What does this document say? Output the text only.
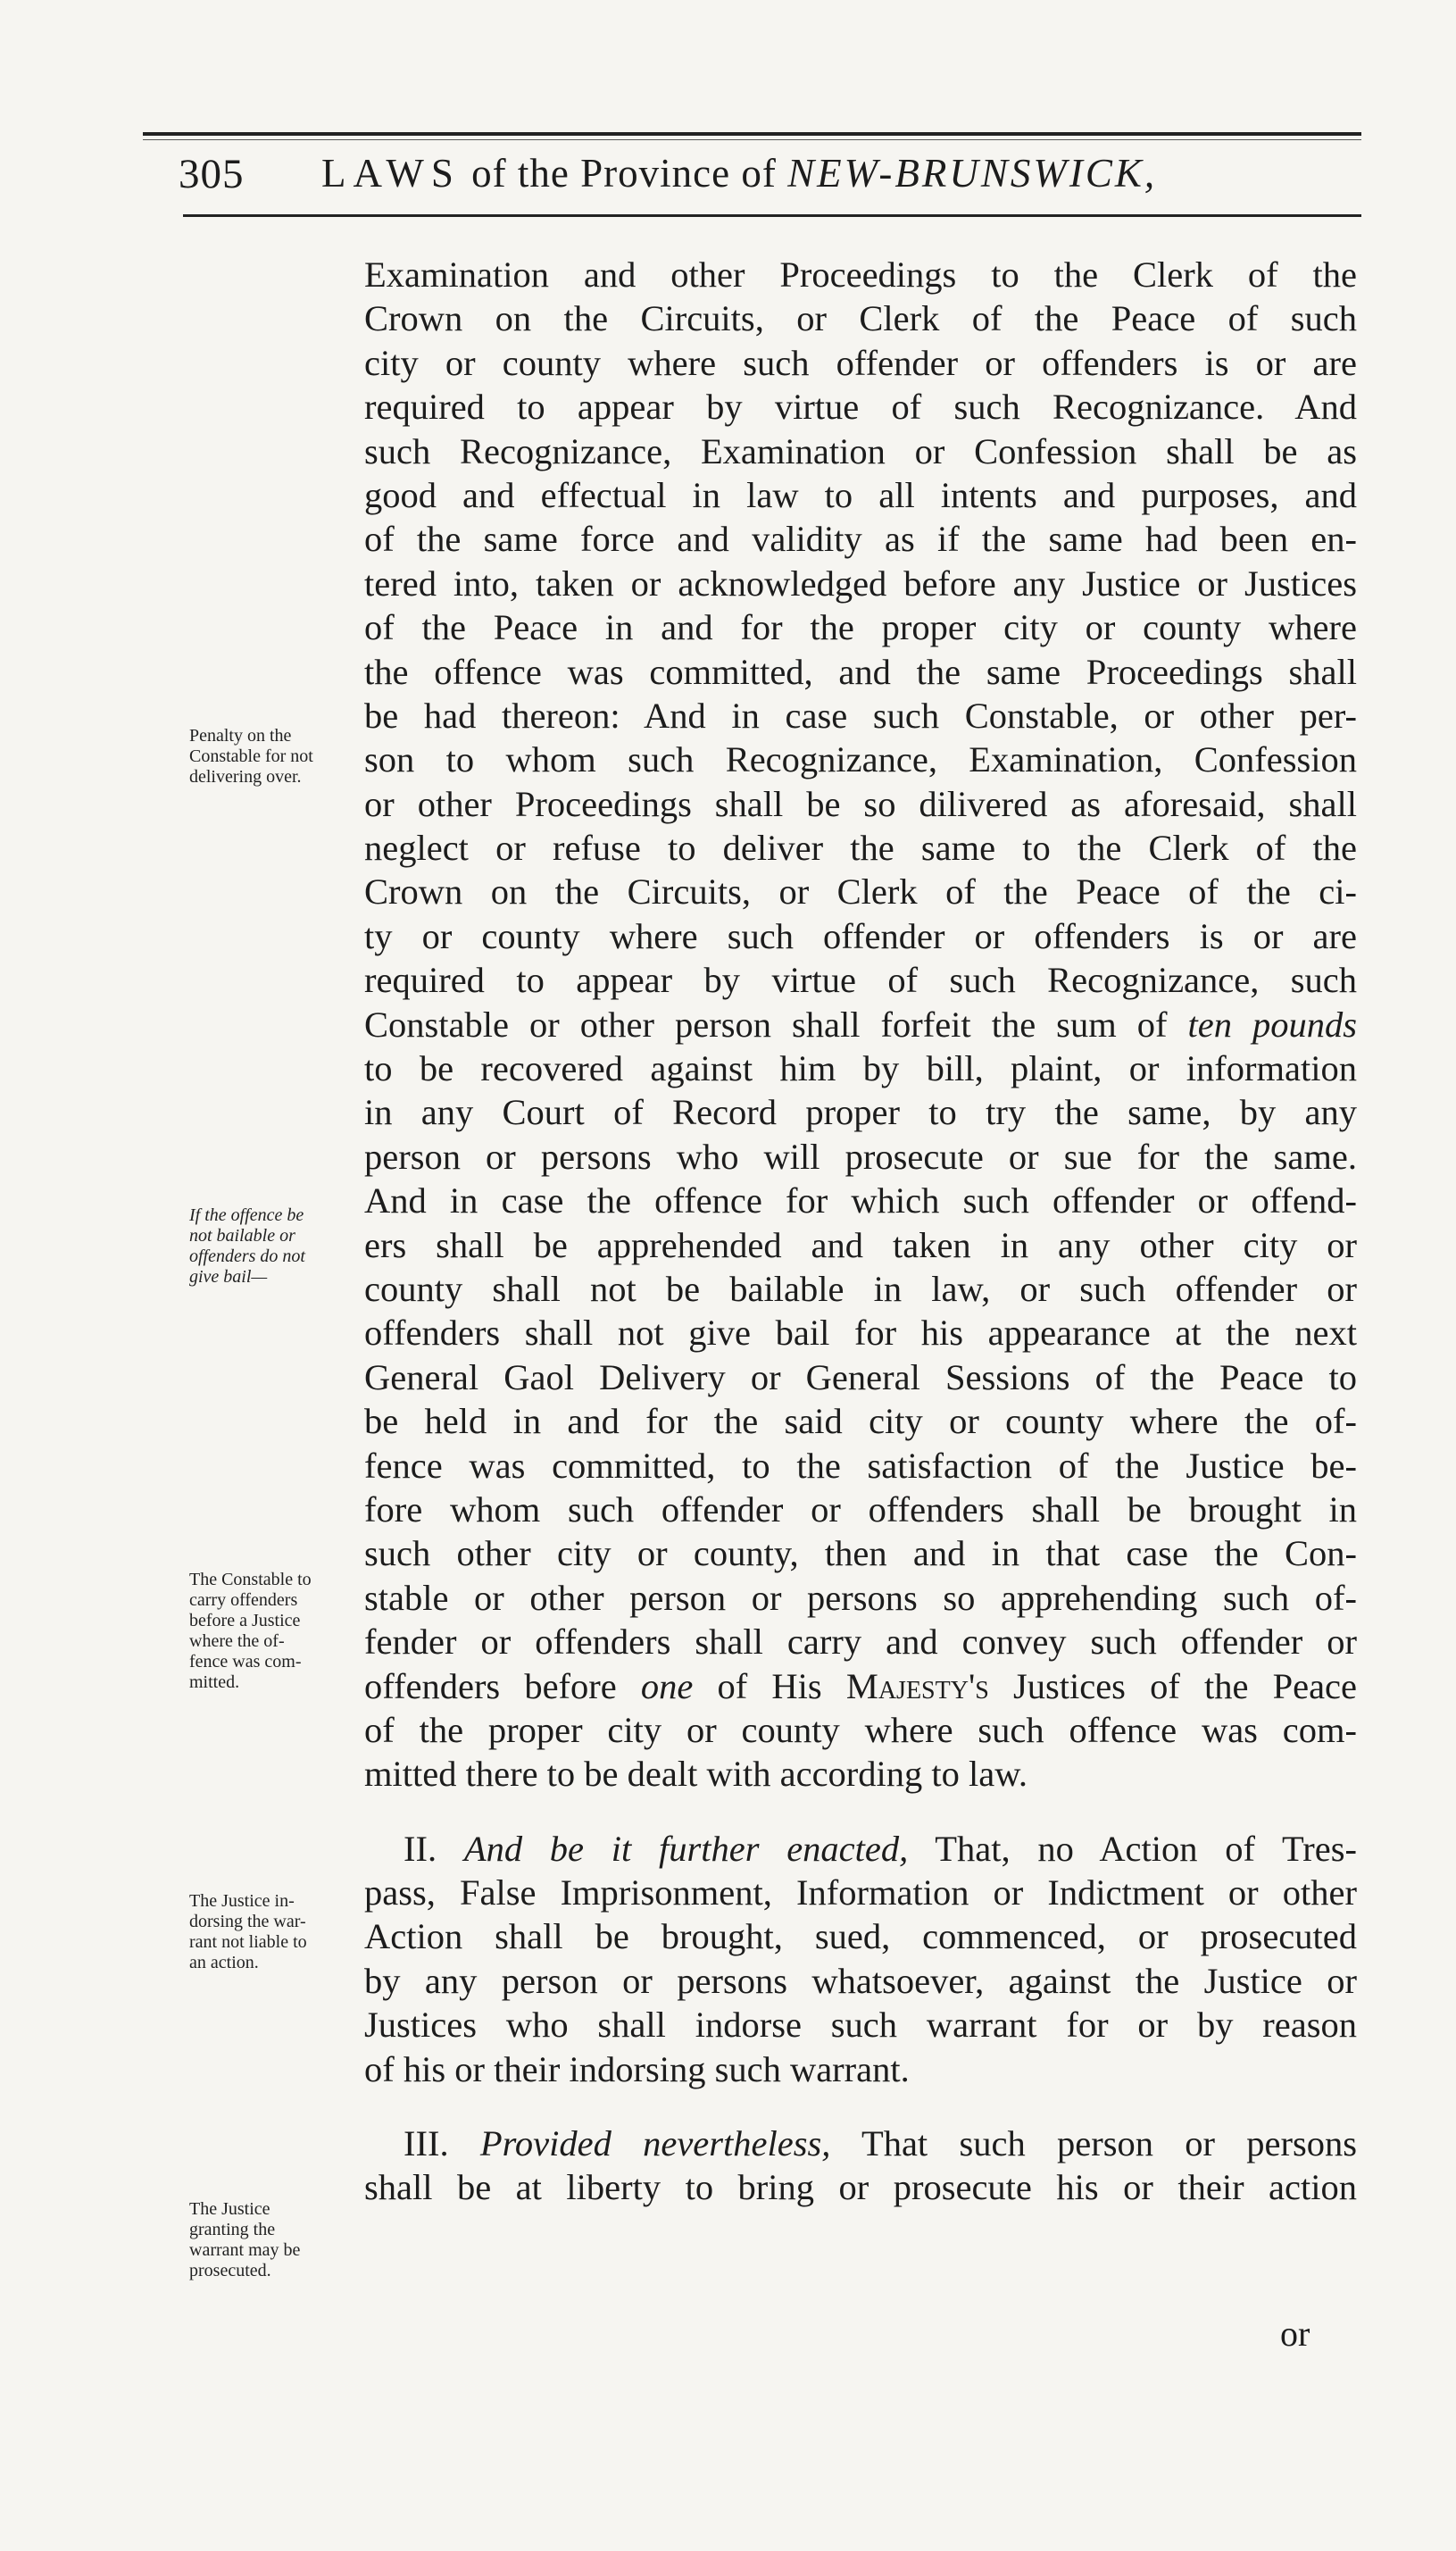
305 LAWS of the Province of NEW-BRUNSWICK,
Examination and other Proceedings to the Clerk of the
Crown on the Circuits, or Clerk of the Peace of such
city or county where such offender or offenders is or are
required to appear by virtue of such Recognizance. And
such Recognizance, Examination or Confession shall be as
good and effectual in law to all intents and purposes, and
of the same force and validity as if the same had been en-
tered into, taken or acknowledged before any Justice or Justices
of the Peace in and for the proper city or county where
the offence was committed, and the same Proceedings shall
be had thereon: And in case such Constable, or other per-
son to whom such Recognizance, Examination, Confession
or other Proceedings shall be so dilivered as aforesaid, shall
neglect or refuse to deliver the same to the Clerk of the
Crown on the Circuits, or Clerk of the Peace of the ci-
ty or county where such offender or offenders is or are
required to appear by virtue of such Recognizance, such
Constable or other person shall forfeit the sum of ten pounds
to be recovered against him by bill, plaint, or information
in any Court of Record proper to try the same, by any
person or persons who will prosecute or sue for the same.
And in case the offence for which such offender or offend-
ers shall be apprehended and taken in any other city or
county shall not be bailable in law, or such offender or
offenders shall not give bail for his appearance at the next
General Gaol Delivery or General Sessions of the Peace to
be held in and for the said city or county where the of-
fence was committed, to the satisfaction of the Justice be-
fore whom such offender or offenders shall be brought in
such other city or county, then and in that case the Con-
stable or other person or persons so apprehending such of-
fender or offenders shall carry and convey such offender or
offenders before one of His Majesty's Justices of the Peace
of the proper city or county where such offence was com-
mitted there to be dealt with according to law.
II. And be it further enacted, That, no Action of Tres-
pass, False Imprisonment, Information or Indictment or other
Action shall be brought, sued, commenced, or prosecuted
by any person or persons whatsoever, against the Justice or
Justices who shall indorse such warrant for or by reason
of his or their indorsing such warrant.
III. Provided nevertheless, That such person or persons
shall be at liberty to bring or prosecute his or their action
Penalty on the
Constable for not
delivering over.
If the offence be
not bailable or
offenders do not
give bail—
The Constable to
carry offenders
before a Justice
where the of-
fence was com-
mitted.
The Justice in-
dorsing the war-
rant not liable to
an action.
The Justice
granting the
warrant may be
prosecuted.
or
